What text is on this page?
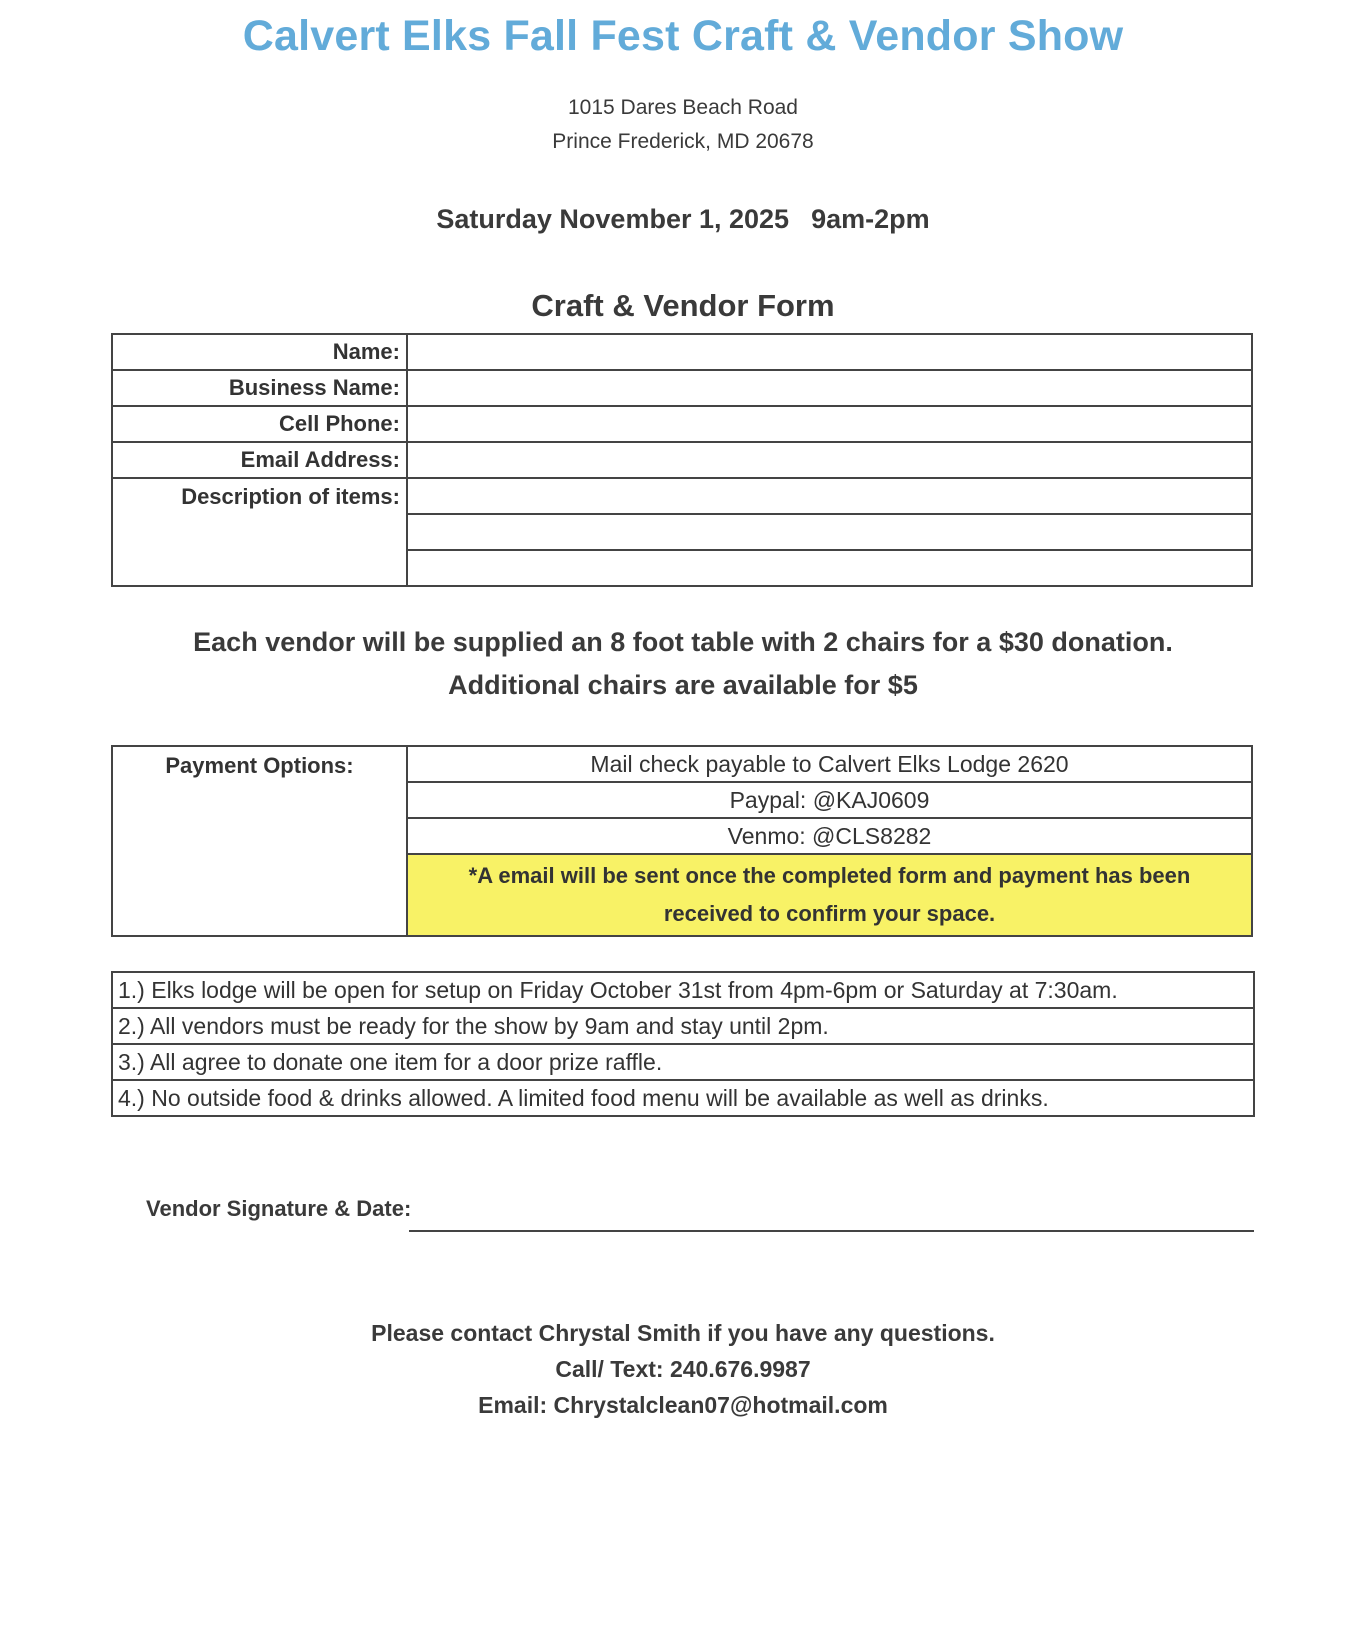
Calvert Elks Fall Fest Craft & Vendor Show
1015 Dares Beach Road
Prince Frederick, MD 20678
Saturday November 1, 2025 9am-2pm
Craft & Vendor Form
Name:	
Business Name:	
Cell Phone:	
Email Address:	
Description of items:	

Each vendor will be supplied an 8 foot table with 2 chairs for a $30 donation.
Additional chairs are available for $5
Payment Options:	Mail check payable to Calvert Elks Lodge 2620
Paypal: @KAJ0609
Venmo: @CLS8282

*A email will be sent once the completed form and payment has been
received to confirm your space.
1.) Elks lodge will be open for setup on Friday October 31st from 4pm-6pm or Saturday at 7:30am.
2.) All vendors must be ready for the show by 9am and stay until 2pm.
3.) All agree to donate one item for a door prize raffle.
4.) No outside food & drinks allowed. A limited food menu will be available as well as drinks.
Vendor Signature & Date:
Please contact Chrystal Smith if you have any questions.
Call/ Text: 240.676.9987
Email: Chrystalclean07@hotmail.com
